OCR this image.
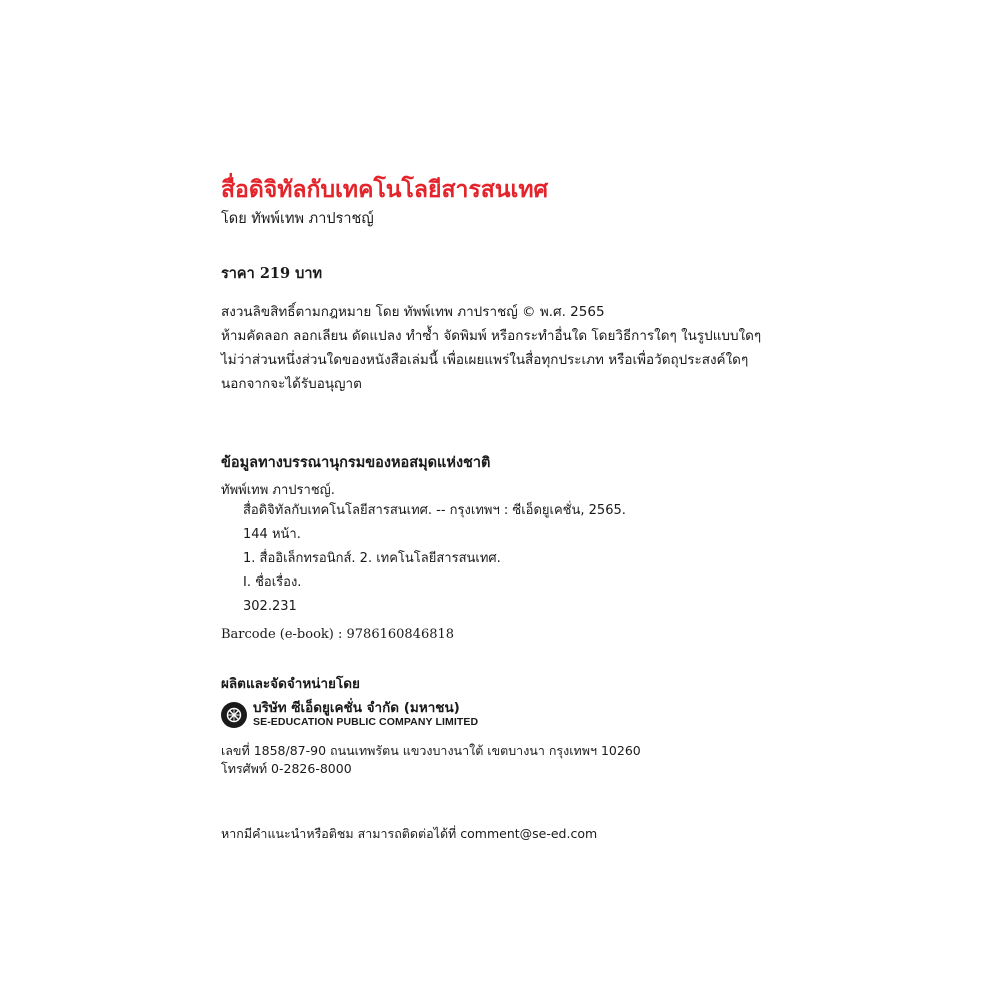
สื่อดิจิทัลกับเทคโนโลยีสารสนเทศ
โดย ทัพพ์เทพ ภาปราชญ์
ราคา 219 บาท
สงวนลิขสิทธิ์ตามกฎหมาย โดย ทัพพ์เทพ ภาปราชญ์ © พ.ศ. 2565
ห้ามคัดลอก ลอกเลียน ดัดแปลง ทำซ้ำ จัดพิมพ์ หรือกระทำอื่นใด โดยวิธีการใดๆ ในรูปแบบใดๆ
ไม่ว่าส่วนหนึ่งส่วนใดของหนังสือเล่มนี้ เพื่อเผยแพร่ในสื่อทุกประเภท หรือเพื่อวัตถุประสงค์ใดๆ
นอกจากจะได้รับอนุญาต
ข้อมูลทางบรรณานุกรมของหอสมุดแห่งชาติ
ทัพพ์เทพ ภาปราชญ์.
สื่อดิจิทัลกับเทคโนโลยีสารสนเทศ. -- กรุงเทพฯ : ซีเอ็ดยูเคชั่น, 2565.
144 หน้า.
1. สื่ออิเล็กทรอนิกส์. 2. เทคโนโลยีสารสนเทศ.
I. ชื่อเรื่อง.
302.231
Barcode (e-book) : 9786160846818
ผลิตและจัดจำหน่ายโดย
บริษัท ซีเอ็ดยูเคชั่น จำกัด (มหาชน)
SE-EDUCATION PUBLIC COMPANY LIMITED
เลขที่ 1858/87-90 ถนนเทพรัตน แขวงบางนาใต้ เขตบางนา กรุงเทพฯ 10260
โทรศัพท์ 0-2826-8000
หากมีคำแนะนำหรือติชม สามารถติดต่อได้ที่ comment@se-ed.com
